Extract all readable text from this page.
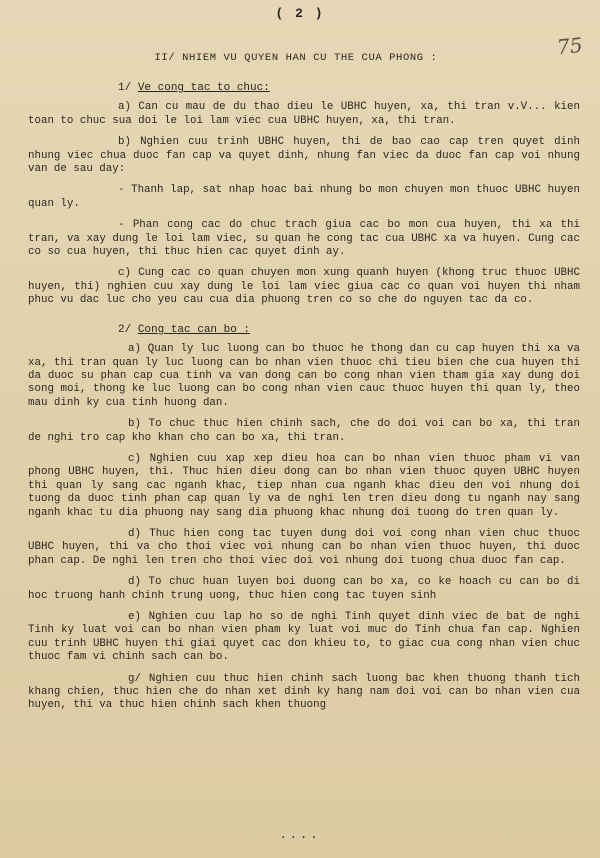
( 2 )
75
II/ NHIEM VU QUYEN HAN CU THE CUA PHONG :
1/ Ve cong tac to chuc:

a) Can cu mau de du thao dieu le UBHC huyen, xa, thi tran v.V... kien toan to chuc sua doi le loi lam viec cua UBHC huyen, xa, thi tran.

b) Nghien cuu trinh UBHC huyen, thi de bao cao cap tren quyet dinh nhung viec chua duoc fan cap va quyet dinh, nhung fan viec da duoc fan cap voi nhung van de sau day:

- Thanh lap, sat nhap hoac bai nhung bo mon chuyen mon thuoc UBHC huyen quan ly.

- Phan cong cac do chuc trach giua cac bo mon cua huyen, thi xa thi tran, va xay dung le loi lam viec, su quan he cong tac cua UBHC xa va huyen. Cung cac co so cua huyen, thi thuc hien cac quyet dinh ay.

c) Cung cac co quan chuyen mon xung quanh huyen (khong truc thuoc UBHC huyen, thi) nghien cuu xay dung le loi lam viec giua cac co quan voi huyen thi nham phuc vu dac luc cho yeu cau cua dia phuong tren co so che do nguyen tac da co.

2/ Cong tac can bo :

a) Quan ly luc luong can bo thuoc he thong dan cu cap huyen thi xa va xa, thi tran quan ly luc luong can bo nhan vien thuoc chi tieu bien che cua huyen thi da duoc su phan cap cua tinh va van dong can bo cong nhan vien tham gia xay dung doi song moi, thong ke luc luong can bo cong nhan vien cauc thuoc huyen thi quan ly, theo mau dinh ky cua tinh huong dan.

b) To chuc thuc hien chinh sach, che do doi voi can bo xa, thi tran de nghi tro cap kho khan cho can bo xa, thi tran.

c) Nghien cuu xap xep dieu hoa can bo nhan vien thuoc pham vi van phong UBHC huyen, thi. Thuc hien dieu dong can bo nhan vien thuoc quyen UBHC huyen thi quan ly sang cac nganh khac, tiep nhan cua nganh khac dieu den voi nhung doi tuong da duoc tinh phan cap quan ly va de nghi len tren dieu dong tu nganh nay sang nganh khac tu dia phuong nay sang dia phuong khac nhung doi tuong do tren quan ly.

d) Thuc hien cong tac tuyen dung doi voi cong nhan vien chuc thuoc UBHC huyen, thi va cho thoi viec voi nhung can bo nhan vien thuoc huyen, thi duoc phan cap. De nghi len tren cho thoi viec doi voi nhung doi tuong chua duoc fan cap.

d) To chuc huan luyen boi duong can bo xa, co ke hoach cu can bo di hoc truong hanh chinh trung uong, thuc hien cong tac tuyen sinh

e) Nghien cuu lap ho so de nghi Tinh quyet dinh viec de bat de nghi Tinh ky luat voi can bo nhan vien pham ky luat voi muc do Tinh chua fan cap. Nghien cuu trinh UBHC huyen thi giai quyet cac don khieu to, to giac cua cong nhan vien chuc thuoc fam vi chinh sach can bo.

g/ Nghien cuu thuc hien chinh sach luong bac khen thuong thanh tich khang chien, thuc hien che do nhan xet dinh ky hang nam doi voi can bo nhan vien cua huyen, thi va thuc hien chinh sach khen thuong

....
